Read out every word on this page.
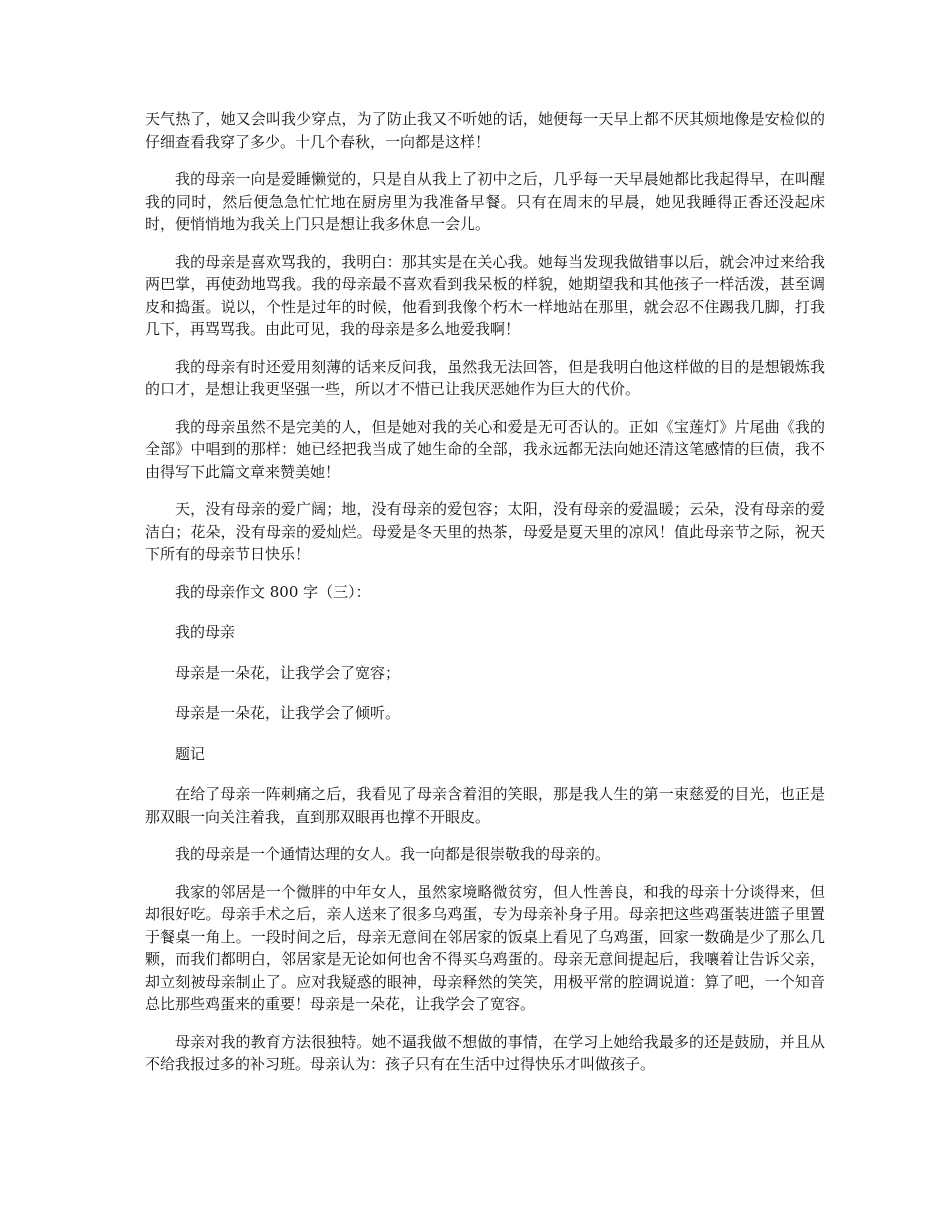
天气热了，她又会叫我少穿点，为了防止我又不听她的话，她便每一天早上都不厌其烦地像是安检似的仔细查看我穿了多少。十几个春秋，一向都是这样！

我的母亲一向是爱睡懒觉的，只是自从我上了初中之后，几乎每一天早晨她都比我起得早，在叫醒我的同时，然后便急急忙忙地在厨房里为我准备早餐。只有在周末的早晨，她见我睡得正香还没起床时，便悄悄地为我关上门只是想让我多休息一会儿。

我的母亲是喜欢骂我的，我明白：那其实是在关心我。她每当发现我做错事以后，就会冲过来给我两巴掌，再使劲地骂我。我的母亲最不喜欢看到我呆板的样貌，她期望我和其他孩子一样活泼，甚至调皮和捣蛋。说以，个性是过年的时候，他看到我像个朽木一样地站在那里，就会忍不住踢我几脚，打我几下，再骂骂我。由此可见，我的母亲是多么地爱我啊！

我的母亲有时还爱用刻薄的话来反问我，虽然我无法回答，但是我明白他这样做的目的是想锻炼我的口才，是想让我更坚强一些，所以才不惜已让我厌恶她作为巨大的代价。

我的母亲虽然不是完美的人，但是她对我的关心和爱是无可否认的。正如《宝莲灯》片尾曲《我的全部》中唱到的那样：她已经把我当成了她生命的全部，我永远都无法向她还清这笔感情的巨债，我不由得写下此篇文章来赞美她！

天，没有母亲的爱广阔；地，没有母亲的爱包容；太阳，没有母亲的爱温暖；云朵，没有母亲的爱洁白；花朵，没有母亲的爱灿烂。母爱是冬天里的热茶，母爱是夏天里的凉风！值此母亲节之际，祝天下所有的母亲节日快乐！

我的母亲作文 800 字（三）：

我的母亲

母亲是一朵花，让我学会了宽容；

母亲是一朵花，让我学会了倾听。

题记

在给了母亲一阵刺痛之后，我看见了母亲含着泪的笑眼，那是我人生的第一束慈爱的目光，也正是那双眼一向关注着我，直到那双眼再也撑不开眼皮。

我的母亲是一个通情达理的女人。我一向都是很崇敬我的母亲的。

我家的邻居是一个微胖的中年女人，虽然家境略微贫穷，但人性善良，和我的母亲十分谈得来，但却很好吃。母亲手术之后，亲人送来了很多乌鸡蛋，专为母亲补身子用。母亲把这些鸡蛋装进篮子里置于餐桌一角上。一段时间之后，母亲无意间在邻居家的饭桌上看见了乌鸡蛋，回家一数确是少了那么几颗，而我们都明白，邻居家是无论如何也舍不得买乌鸡蛋的。母亲无意间提起后，我嚷着让告诉父亲，却立刻被母亲制止了。应对我疑惑的眼神，母亲释然的笑笑，用极平常的腔调说道：算了吧，一个知音总比那些鸡蛋来的重要！母亲是一朵花，让我学会了宽容。

母亲对我的教育方法很独特。她不逼我做不想做的事情，在学习上她给我最多的还是鼓励，并且从不给我报过多的补习班。母亲认为：孩子只有在生活中过得快乐才叫做孩子。
